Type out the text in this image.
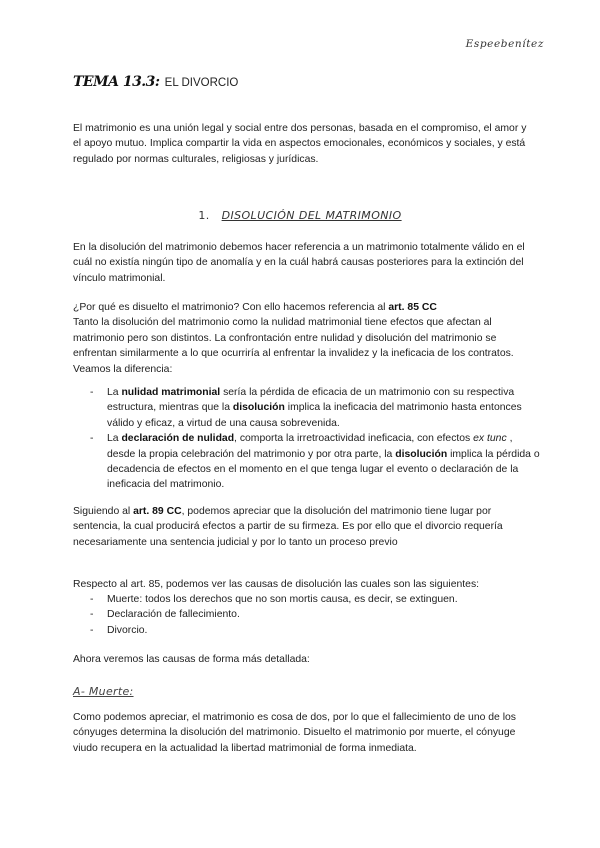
Espeebenítez
TEMA 13.3: EL DIVORCIO

El matrimonio es una unión legal y social entre dos personas, basada en el compromiso, el amor y el apoyo mutuo. Implica compartir la vida en aspectos emocionales, económicos y sociales, y está regulado por normas culturales, religiosas y jurídicas.

1. DISOLUCIÓN DEL MATRIMONIO

En la disolución del matrimonio debemos hacer referencia a un matrimonio totalmente válido en el cuál no existía ningún tipo de anomalía y en la cuál habrá causas posteriores para la extinción del vínculo matrimonial.

¿Por qué es disuelto el matrimonio? Con ello hacemos referencia al art. 85 CC
Tanto la disolución del matrimonio como la nulidad matrimonial tiene efectos que afectan al matrimonio pero son distintos. La confrontación entre nulidad y disolución del matrimonio se enfrentan similarmente a lo que ocurriría al enfrentar la invalidez y la ineficacia de los contratos. Veamos la diferencia:

- La nulidad matrimonial sería la pérdida de eficacia de un matrimonio con su respectiva estructura, mientras que la disolución implica la ineficacia del matrimonio hasta entonces válido y eficaz, a virtud de una causa sobrevenida.
- La declaración de nulidad, comporta la irretroactividad ineficacia, con efectos ex tunc , desde la propia celebración del matrimonio y por otra parte, la disolución implica la pérdida o decadencia de efectos en el momento en el que tenga lugar el evento o declaración de la ineficacia del matrimonio.

Siguiendo al art. 89 CC, podemos apreciar que la disolución del matrimonio tiene lugar por sentencia, la cual producirá efectos a partir de su firmeza. Es por ello que el divorcio requería necesariamente una sentencia judicial y por lo tanto un proceso previo

Respecto al art. 85, podemos ver las causas de disolución las cuales son las siguientes:

- Muerte: todos los derechos que no son mortis causa, es decir, se extinguen.
- Declaración de fallecimiento.
- Divorcio.

Ahora veremos las causas de forma más detallada:

A- Muerte:

Como podemos apreciar, el matrimonio es cosa de dos, por lo que el fallecimiento de uno de los cónyuges determina la disolución del matrimonio. Disuelto el matrimonio por muerte, el cónyuge viudo recupera en la actualidad la libertad matrimonial de forma inmediata.
